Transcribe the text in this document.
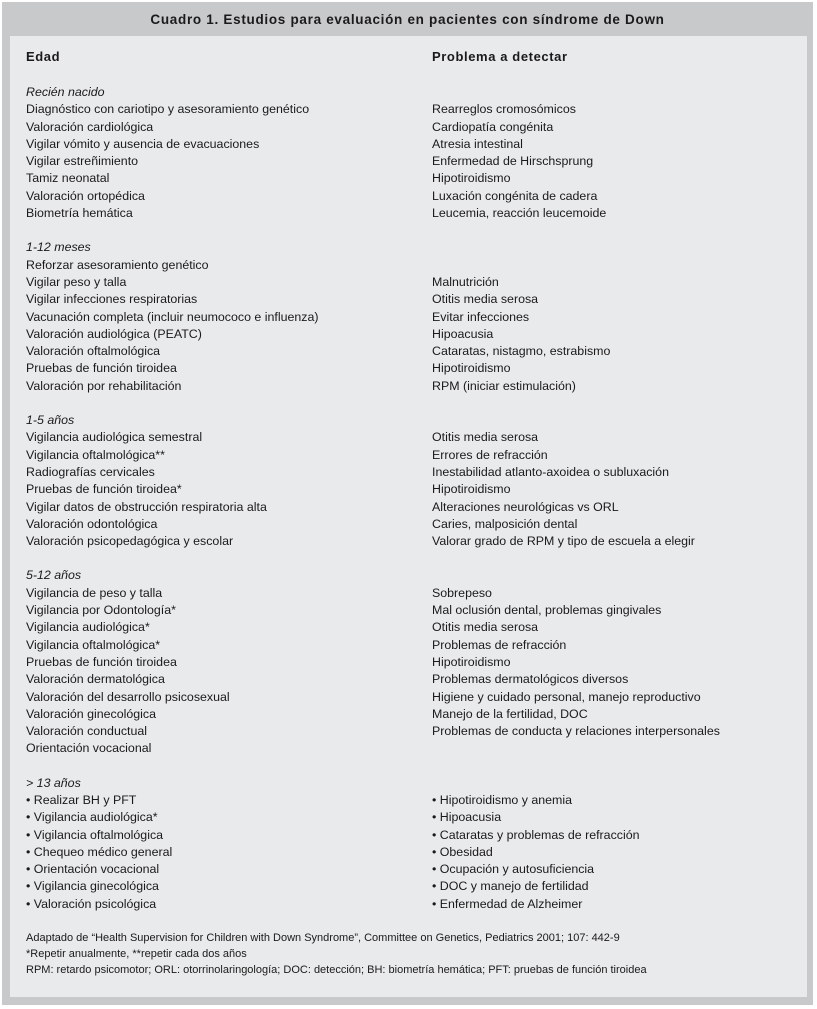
Cuadro 1. Estudios para evaluación en pacientes con síndrome de Down
Edad	Problema a detectar
Recién nacido
Diagnóstico con cariotipo y asesoramiento genético	Rearreglos cromosómicos
Valoración cardiológica	Cardiopatía congénita
Vigilar vómito y ausencia de evacuaciones	Atresia intestinal
Vigilar estreñimiento	Enfermedad de Hirschsprung
Tamiz neonatal	Hipotiroidismo
Valoración ortopédica	Luxación congénita de cadera
Biometría hemática	Leucemia, reacción leucemoide
1-12 meses
Reforzar asesoramiento genético
Vigilar peso y talla	Malnutrición
Vigilar infecciones respiratorias	Otitis media serosa
Vacunación completa (incluir neumococo e influenza)	Evitar infecciones
Valoración audiológica (PEATC)	Hipoacusia
Valoración oftalmológica	Cataratas, nistagmo, estrabismo
Pruebas de función tiroidea	Hipotiroidismo
Valoración por rehabilitación	RPM (iniciar estimulación)
1-5 años
Vigilancia audiológica semestral	Otitis media serosa
Vigilancia oftalmológica**	Errores de refracción
Radiografías cervicales	Inestabilidad atlanto-axoidea o subluxación
Pruebas de función tiroidea*	Hipotiroidismo
Vigilar datos de obstrucción respiratoria alta	Alteraciones neurológicas vs ORL
Valoración odontológica	Caries, malposición dental
Valoración psicopedagógica y escolar	Valorar grado de RPM y tipo de escuela a elegir
5-12 años
Vigilancia de peso y talla	Sobrepeso
Vigilancia por Odontología*	Mal oclusión dental, problemas gingivales
Vigilancia audiológica*	Otitis media serosa
Vigilancia oftalmológica*	Problemas de refracción
Pruebas de función tiroidea	Hipotiroidismo
Valoración dermatológica	Problemas dermatológicos diversos
Valoración del desarrollo psicosexual	Higiene y cuidado personal, manejo reproductivo
Valoración ginecológica	Manejo de la fertilidad, DOC
Valoración conductual	Problemas de conducta y relaciones interpersonales
Orientación vocacional
> 13 años
• Realizar BH y PFT	• Hipotiroidismo y anemia
• Vigilancia audiológica*	• Hipoacusia
• Vigilancia oftalmológica	• Cataratas y problemas de refracción
• Chequeo médico general	• Obesidad
• Orientación vocacional	• Ocupación y autosuficiencia
• Vigilancia ginecológica	• DOC y manejo de fertilidad
• Valoración psicológica	• Enfermedad de Alzheimer
Adaptado de “Health Supervision for Children with Down Syndrome”, Committee on Genetics, Pediatrics 2001; 107: 442-9
*Repetir anualmente, **repetir cada dos años
RPM: retardo psicomotor; ORL: otorrinolaringología; DOC: detección; BH: biometría hemática; PFT: pruebas de función tiroidea
